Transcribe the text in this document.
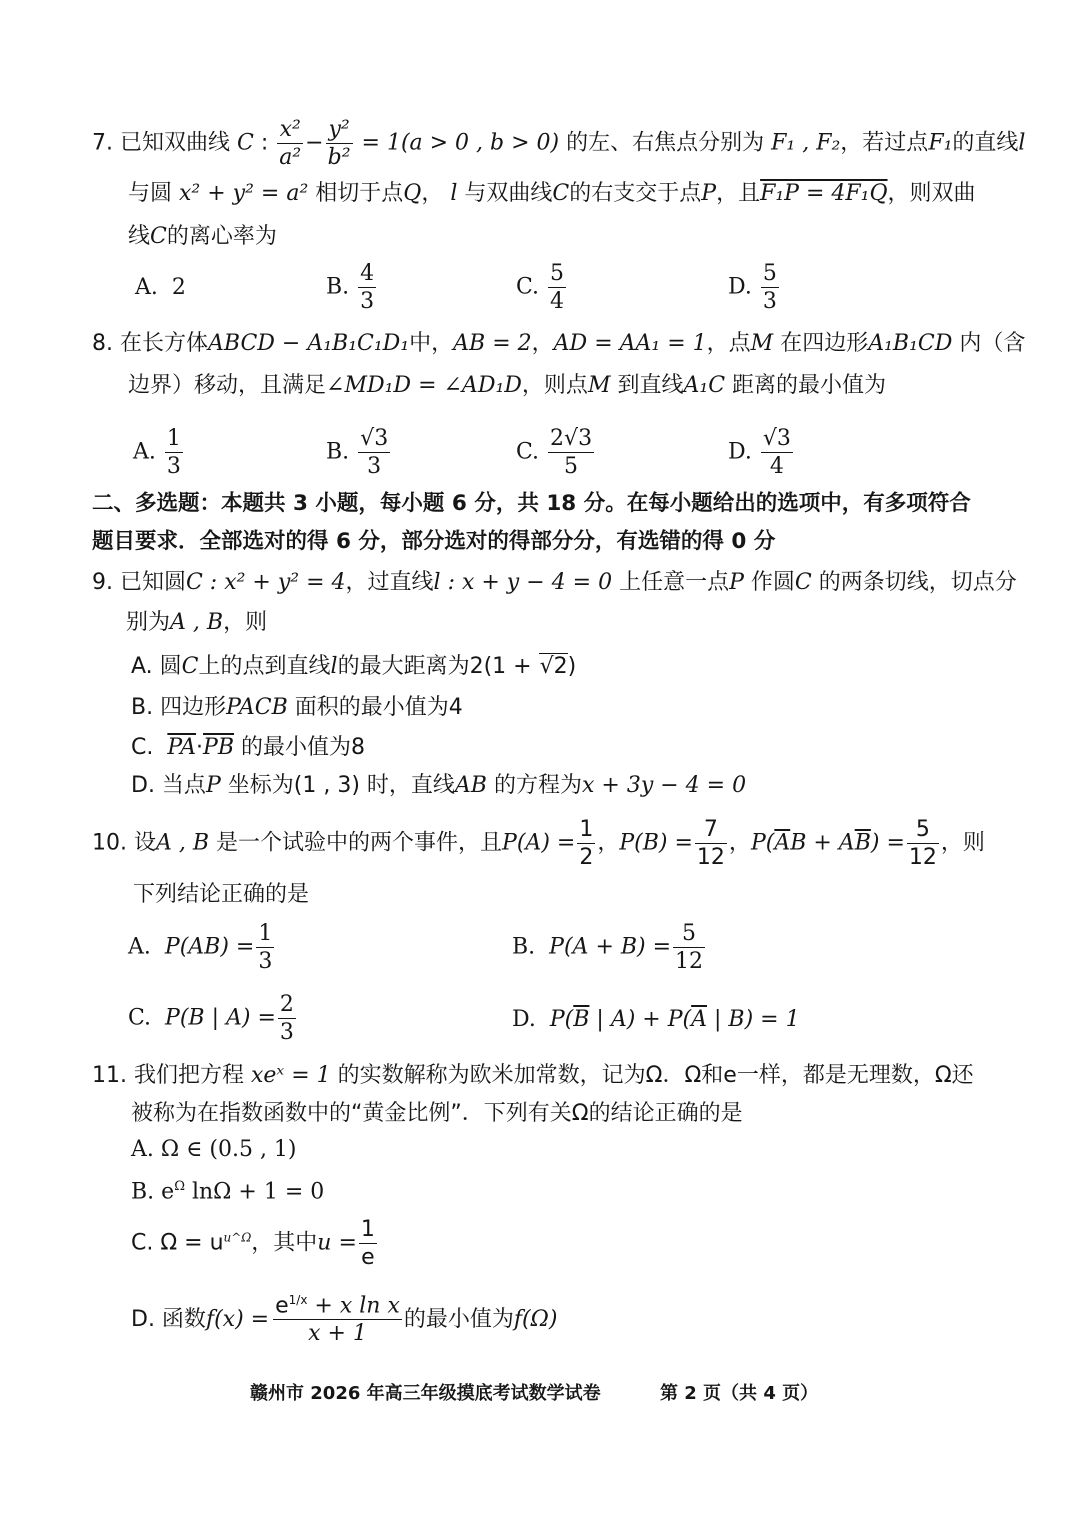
7. 已知双曲线 C : $\frac{\text{x²}}{\text{a²}} - \frac{\text{y²}}{\text{b²}} = 1(a > 0$ , b > 0) 的左、右焦点分别为 F₁ , F₂，若过点F₁的直线l
与圆 x² + y² = a² 相切于点Q， l 与双曲线C的右支交于点P，且F₁P = 4F₁Q，则双曲
线C的离心率为
A. 2	B. $\frac{4}{3}$	C. $\frac{5}{4}$	D. $\frac{5}{3}$
8. 在长方体ABCD − A₁B₁C₁D₁中，AB = 2，AD = AA₁ = 1，点M 在四边形A₁B₁CD 内（含
边界）移动，且满足∠MD₁D = ∠AD₁D，则点M 到直线A₁C 距离的最小值为
A. $\frac{1}{3}$	B. $\frac{√3}{3}$	C. $\frac{2√3}{5}$	D. $\frac{√3}{4}$
二、多选题：本题共 3 小题，每小题 6 分，共 18 分。在每小题给出的选项中，有多项符合
题目要求．全部选对的得 6 分，部分选对的得部分分，有选错的得 0 分
9. 已知圆C : x² + y² = 4，过直线l : x + y − 4 = 0 上任意一点P 作圆C 的两条切线，切点分
别为A , B，则
A. 圆C上的点到直线l的最大距离为2(1 + √2)
B. 四边形PACB 面积的最小值为4
C. $\overline{PA}\cdot\overline{PB}$ 的最小值为8
D. 当点P 坐标为(1 , 3) 时，直线AB 的方程为x + 3y − 4 = 0
10. 设A , B 是一个试验中的两个事件，且$P(A) = \frac{1}{2}$ ，$P(B) = \frac{7}{12}$ ，$P(\overline{A}B + A\overline{B}) = \frac{5}{12}$ ，则
下列结论正确的是
A. $P(AB) = \frac{1}{3}$	B. $P(A + B) = \frac{5}{12}$
C. P(B | $A) = \frac{2}{3}$	D. $P(\overline{B}$ | $A) + P(\overline{A}$ | B) = 1
11. 我们把方程 xeˣ = 1 的实数解称为欧米加常数，记为Ω．Ω和e一样，都是无理数，Ω还
被称为在指数函数中的“黄金比例”．下列有关Ω的结论正确的是
A. Ω ∈ (0.5 , 1)
B. $e^\Omega$ lnΩ + 1 = 0
C. $\Omega = u^{u\^{}\Omega}$，其中$u = \frac{1}{e}$
D. 函数$f(x) = \frac{e^{1/x} + x \ln x}{x + 1}$ 的最小值为f(Ω)
赣州市 2026 年高三年级摸底考试数学试卷	第 2 页（共 4 页）
